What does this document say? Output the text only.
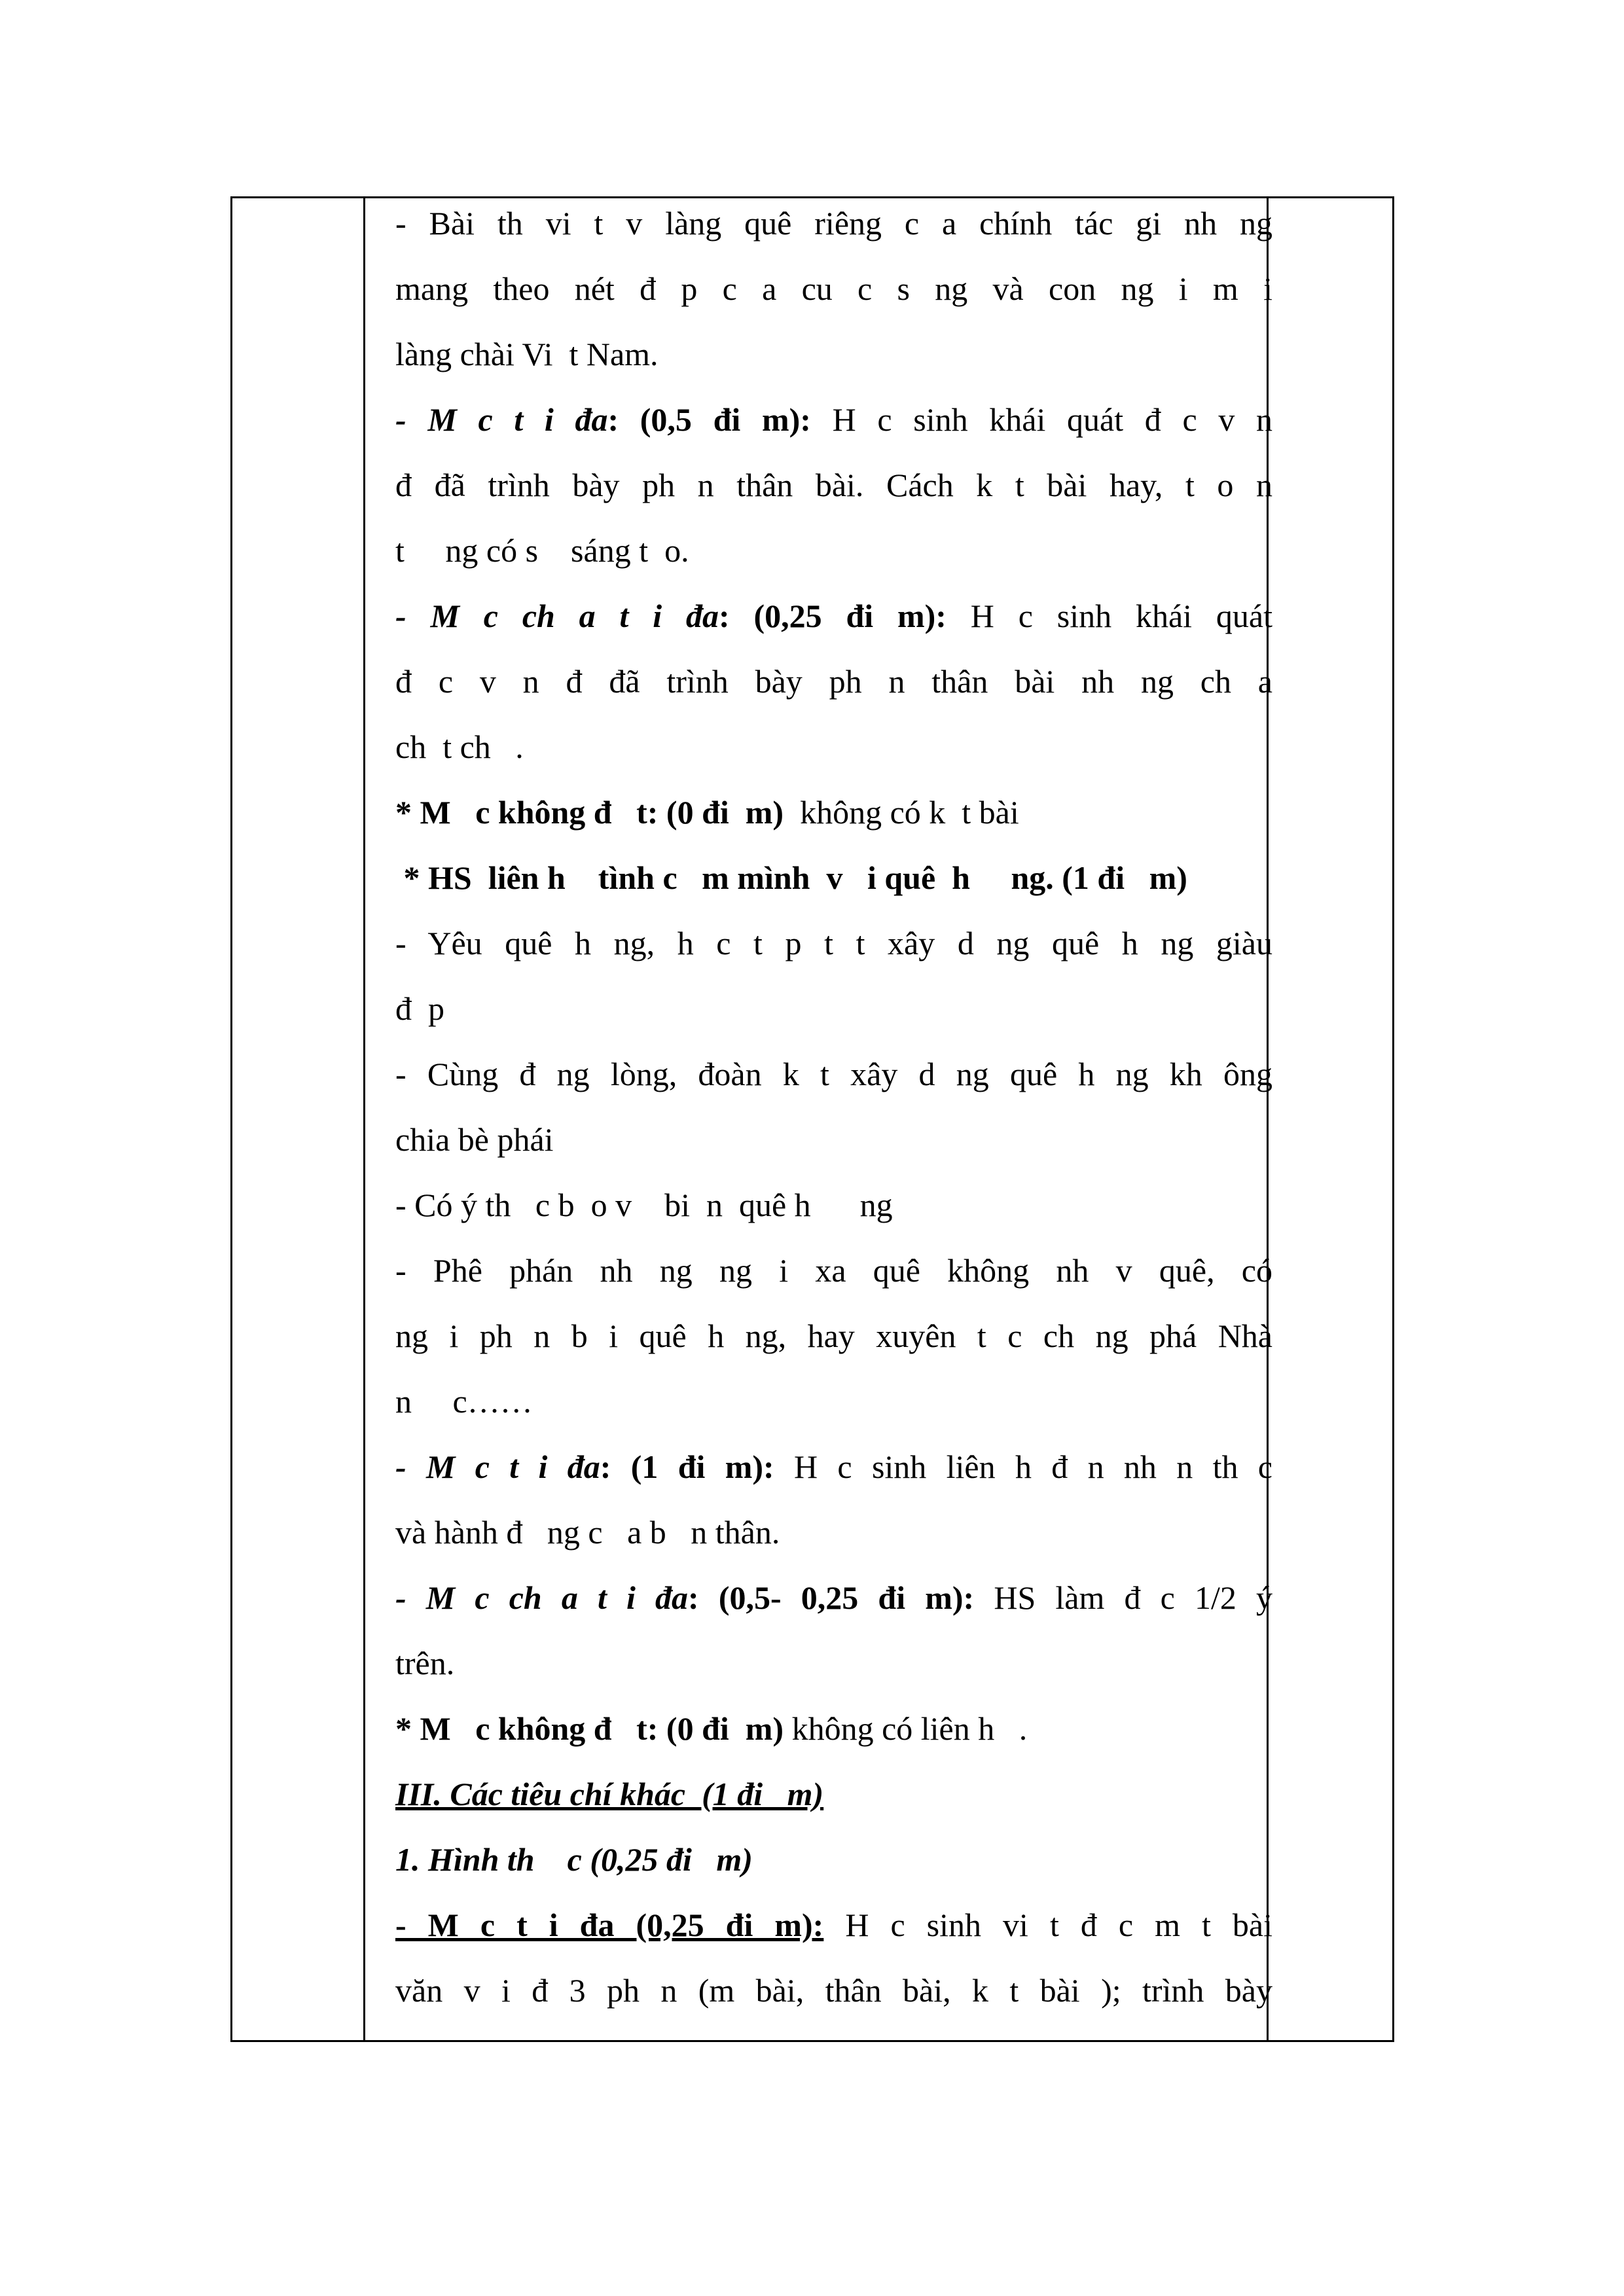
- Bài th vi t v làng quê riêng c a chính tác gi nh ng
mang theo nét đ p c a cu c s ng và con ng i m i
làng chài Vi  t Nam.
- M c t i đa: (0,5 đi m): H c sinh khái quát đ c v n
đ đã trình bày ph n thân bài. Cách k t bài hay, t o n
t     ng có s    sáng t  o.
- M c ch a t i đa: (0,25 đi m): H c sinh khái quát
đ c v n đ đã trình bày ph n thân bài nh ng ch a
ch  t ch   .
* M   c không đ   t: (0 đi  m)  không có k  t bài
* HS  liên h    tình c   m mình  v   i quê  h     ng. (1 đi   m)
- Yêu quê h ng, h c t p t t xây d ng quê h ng giàu
đ  p
- Cùng đ ng lòng, đoàn k t xây d ng quê h ng kh ông
chia bè phái
- Có ý th   c b  o v    bi  n  quê h      ng
- Phê phán nh ng ng i xa quê không nh v quê, có
ng i ph n b i quê h ng, hay xuyên t c ch ng phá Nhà
n     c……
- M c t i đa: (1 đi m): H c sinh liên h đ n nh n th c
và hành đ   ng c   a b   n thân.
- M c ch a t i đa: (0,5- 0,25 đi m): HS làm đ c 1/2 ý
trên.
* M   c không đ   t: (0 đi  m) không có liên h   .
III. Các tiêu chí khác  (1 đi   m)
1. Hình th    c (0,25 đi   m)
- M c t i đa (0,25 đi m): H c sinh vi t đ c m t bài
văn v i đ 3 ph n (m bài, thân bài, k t bài ); trình bày
